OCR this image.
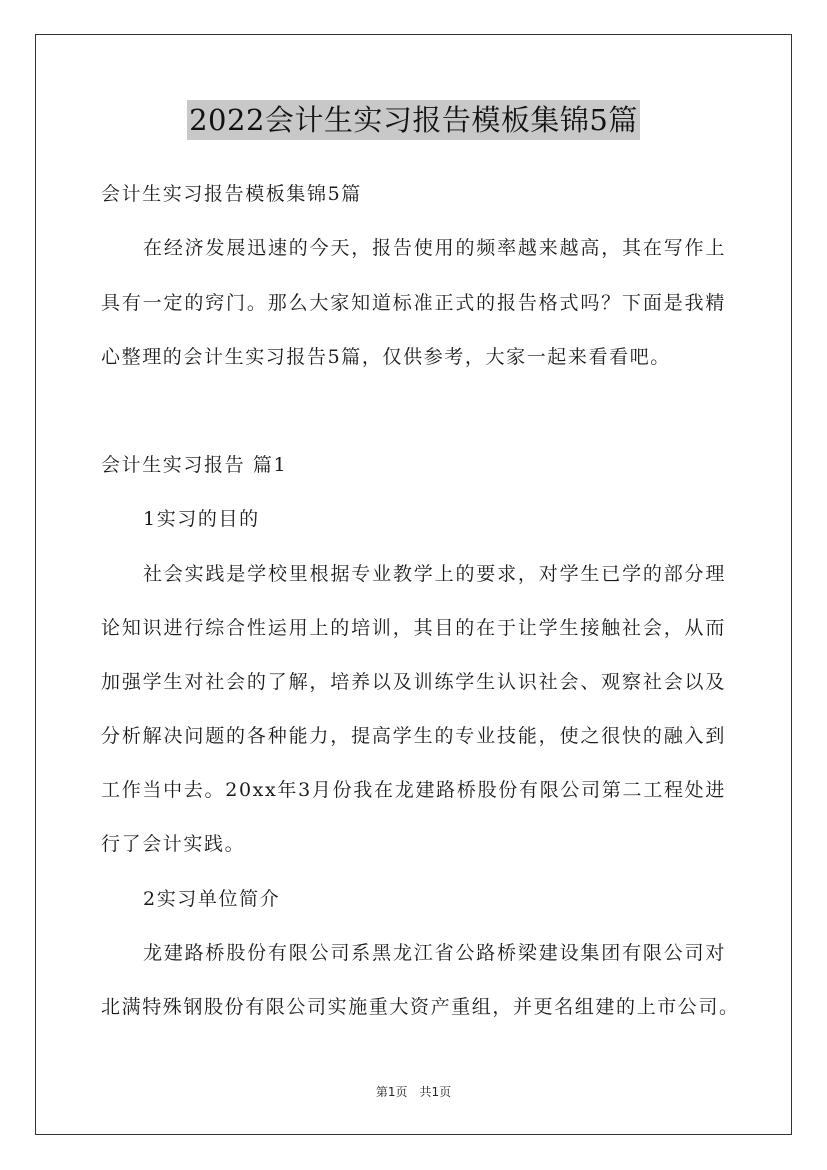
2022会计生实习报告模板集锦5篇
会计生实习报告模板集锦5篇
在经济发展迅速的今天，报告使用的频率越来越高，其在写作上
具有一定的窍门。那么大家知道标准正式的报告格式吗？下面是我精
心整理的会计生实习报告5篇，仅供参考，大家一起来看看吧。
会计生实习报告 篇1
1实习的目的
社会实践是学校里根据专业教学上的要求，对学生已学的部分理
论知识进行综合性运用上的培训，其目的在于让学生接触社会，从而
加强学生对社会的了解，培养以及训练学生认识社会、观察社会以及
分析解决问题的各种能力，提高学生的专业技能，使之很快的融入到
工作当中去。20xx年3月份我在龙建路桥股份有限公司第二工程处进
行了会计实践。
2实习单位简介
龙建路桥股份有限公司系黑龙江省公路桥梁建设集团有限公司对
北满特殊钢股份有限公司实施重大资产重组，并更名组建的上市公司。
第1页　共1页
